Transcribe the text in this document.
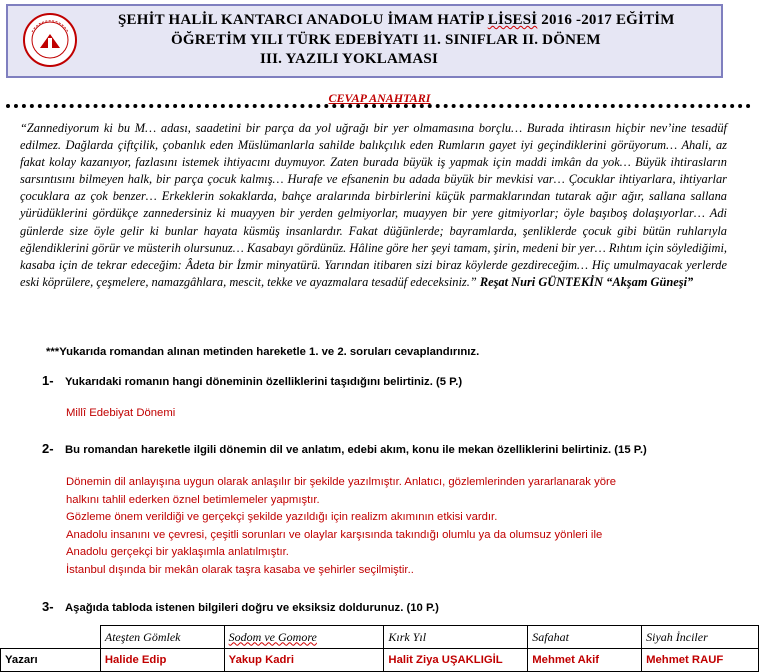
ŞEHİT HALİL KANTARCI ANADOLU İMAM HATİP LİSESİ 2016 -2017 EĞİTİM
ÖĞRETİM YILI TÜRK EDEBİYATI 11. SINIFLAR II. DÖNEM
III. YAZILI YOKLAMASI
CEVAP ANAHTARI
“Zannediyorum ki bu M… adası, saadetini bir parça da yol uğrağı bir yer olmamasına borçlu… Burada ihtirasın hiçbir nev’ine tesadüf edilmez. Dağlarda çiftçilik, çobanlık eden Müslümanlarla sahilde balıkçılık eden Rumların gayet iyi geçindiklerini görüyorum… Ahali, az fakat kolay kazanıyor, fazlasını istemek ihtiyacını duymuyor. Zaten burada büyük iş yapmak için maddi imkân da yok… Büyük ihtirasların sarsıntısını bilmeyen halk, bir parça çocuk kalmış… Hurafe ve efsanenin bu adada büyük bir mevkisi var… Çocuklar ihtiyarlara, ihtiyarlar çocuklara az çok benzer… Erkeklerin sokaklarda, bahçe aralarında birbirlerini küçük parmaklarından tutarak ağır ağır, sallana sallana yürüdüklerini gördükçe zannedersiniz ki muayyen bir yerden gelmiyorlar, muayyen bir yere gitmiyorlar; öyle başıboş dolaşıyorlar… Adi günlerde size öyle gelir ki bunlar hayata küsmüş insanlardır. Fakat düğünlerde; bayramlarda, şenliklerde çocuk gibi bütün ruhlarıyla eğlendiklerini görür ve müsterih olursunuz… Kasabayı gördünüz. Hâline göre her şeyi tamam, şirin, medeni bir yer… Rıhtım için söylediğimi, kasaba için de tekrar edeceğim: Âdeta bir İzmir minyatürü. Yarından itibaren sizi biraz köylerde gezdireceğim… Hiç umulmayacak yerlerde eski köprülere, çeşmelere, namazgâhlara, mescit, tekke ve ayazmalara tesadüf edeceksiniz.” Reşat Nuri GÜNTEKİN “Akşam Güneşi”
***Yukarıda romandan alınan metinden hareketle 1. ve 2. soruları cevaplandırınız.
1- Yukarıdaki romanın hangi döneminin özelliklerini taşıdığını belirtiniz. (5 P.)
Millî Edebiyat Dönemi
2- Bu romandan hareketle ilgili dönemin dil ve anlatım, edebi akım, konu ile mekan özelliklerini belirtiniz. (15 P.)
Dönemin dil anlayışına uygun olarak anlaşılır bir şekilde yazılmıştır. Anlatıcı, gözlemlerinden yararlanarak yöre
halkını tahlil ederken öznel betimlemeler yapmıştır.
Gözleme önem verildiği ve gerçekçi şekilde yazıldığı için realizm akımının etkisi vardır.
Anadolu insanını ve çevresi, çeşitli sorunları ve olaylar karşısında takındığı olumlu ya da olumsuz yönleri ile
Anadolu gerçekçi bir yaklaşımla anlatılmıştır.
İstanbul dışında bir mekân olarak taşra kasaba ve şehirler seçilmiştir..
3- Aşağıda tabloda istenen bilgileri doğru ve eksiksiz doldurunuz. (10 P.)
	Ateşten Gömlek	Sodom ve Gomore	Kırk Yıl	Safahat	Siyah İnciler
Yazarı	Halide Edip	Yakup Kadri	Halit Ziya UŞAKLIGİL	Mehmet Akif	Mehmet RAUF
